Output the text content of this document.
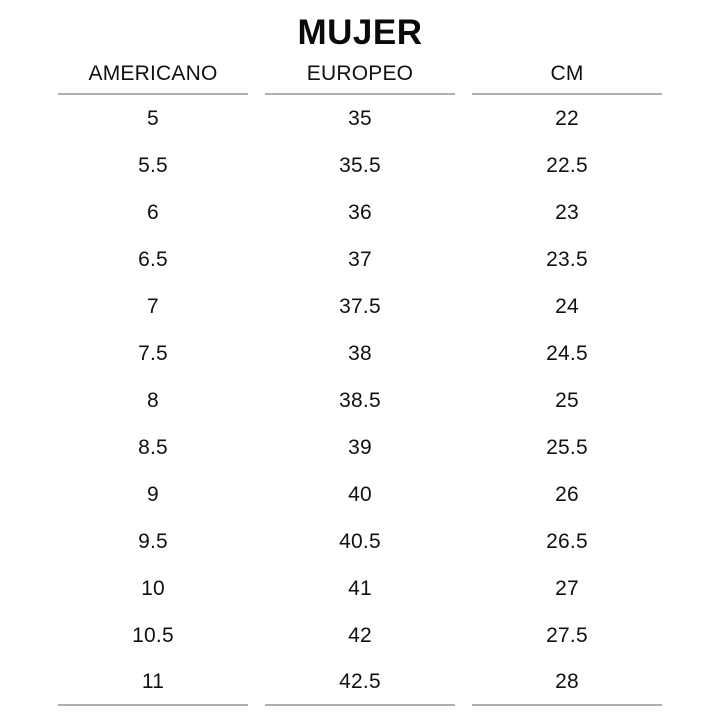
MUJER
AMERICANO	EUROPEO	CM
5	35	22
5.5	35.5	22.5
6	36	23
6.5	37	23.5
7	37.5	24
7.5	38	24.5
8	38.5	25
8.5	39	25.5
9	40	26
9.5	40.5	26.5
10	41	27
10.5	42	27.5
11	42.5	28
